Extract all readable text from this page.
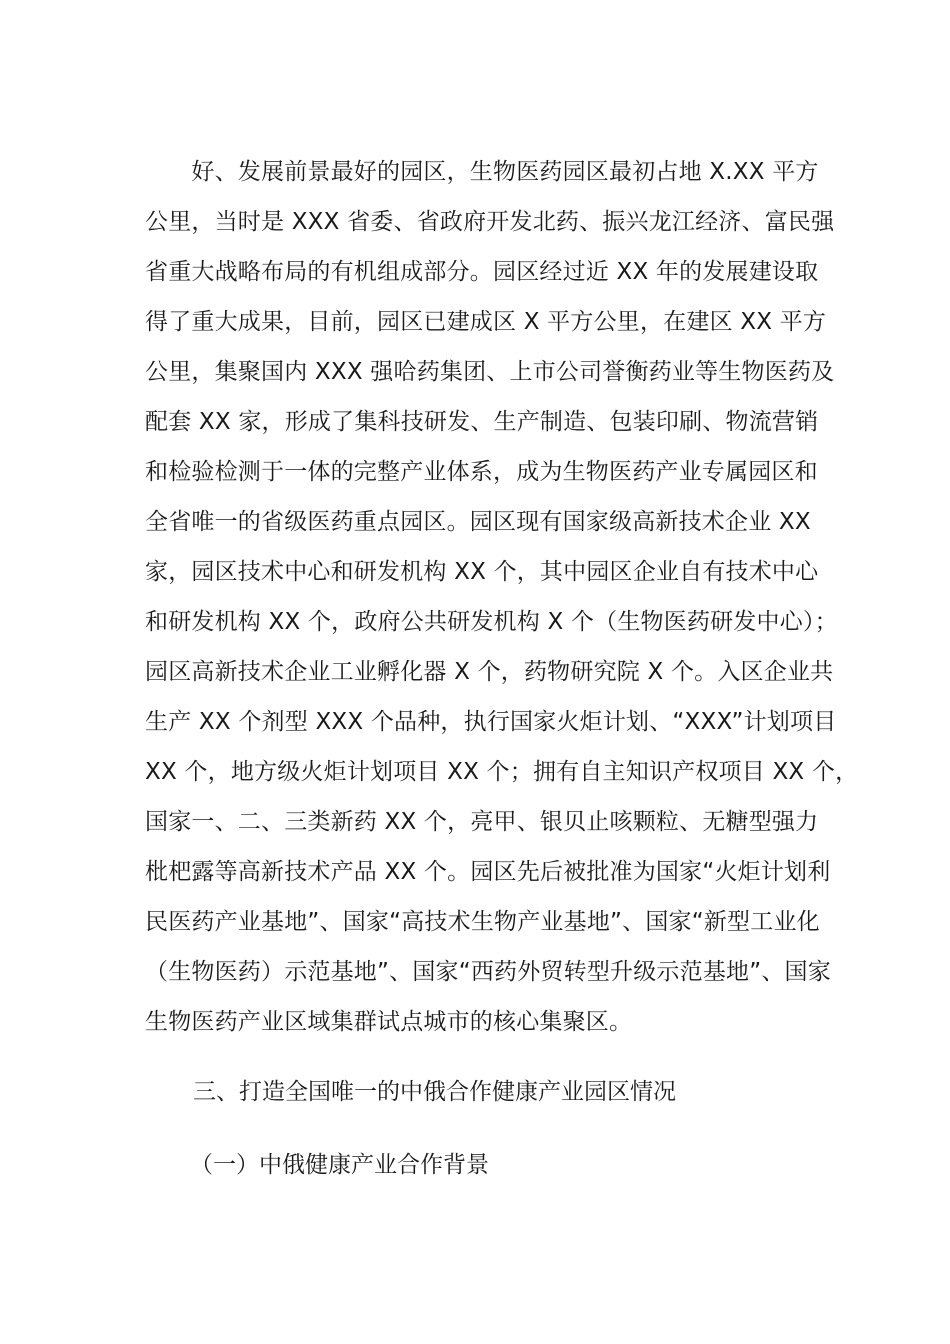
　　好、发展前景最好的园区，生物医药园区最初占地 X.XX 平方
公里，当时是 XXX 省委、省政府开发北药、振兴龙江经济、富民强
省重大战略布局的有机组成部分。园区经过近 XX 年的发展建设取
得了重大成果，目前，园区已建成区 X 平方公里，在建区 XX 平方
公里，集聚国内 XXX 强哈药集团、上市公司誉衡药业等生物医药及
配套 XX 家，形成了集科技研发、生产制造、包装印刷、物流营销
和检验检测于一体的完整产业体系，成为生物医药产业专属园区和
全省唯一的省级医药重点园区。园区现有国家级高新技术企业 XX
家，园区技术中心和研发机构 XX 个，其中园区企业自有技术中心
和研发机构 XX 个，政府公共研发机构 X 个（生物医药研发中心）；
园区高新技术企业工业孵化器 X 个，药物研究院 X 个。入区企业共
生产 XX 个剂型 XXX 个品种，执行国家火炬计划、“XXX”计划项目
XX 个，地方级火炬计划项目 XX 个；拥有自主知识产权项目 XX 个，
国家一、二、三类新药 XX 个，亮甲、银贝止咳颗粒、无糖型强力
枇杷露等高新技术产品 XX 个。园区先后被批准为国家“火炬计划利
民医药产业基地”、国家“高技术生物产业基地”、国家“新型工业化
（生物医药）示范基地”、国家“西药外贸转型升级示范基地”、国家
生物医药产业区域集群试点城市的核心集聚区。
三、打造全国唯一的中俄合作健康产业园区情况
（一）中俄健康产业合作背景
